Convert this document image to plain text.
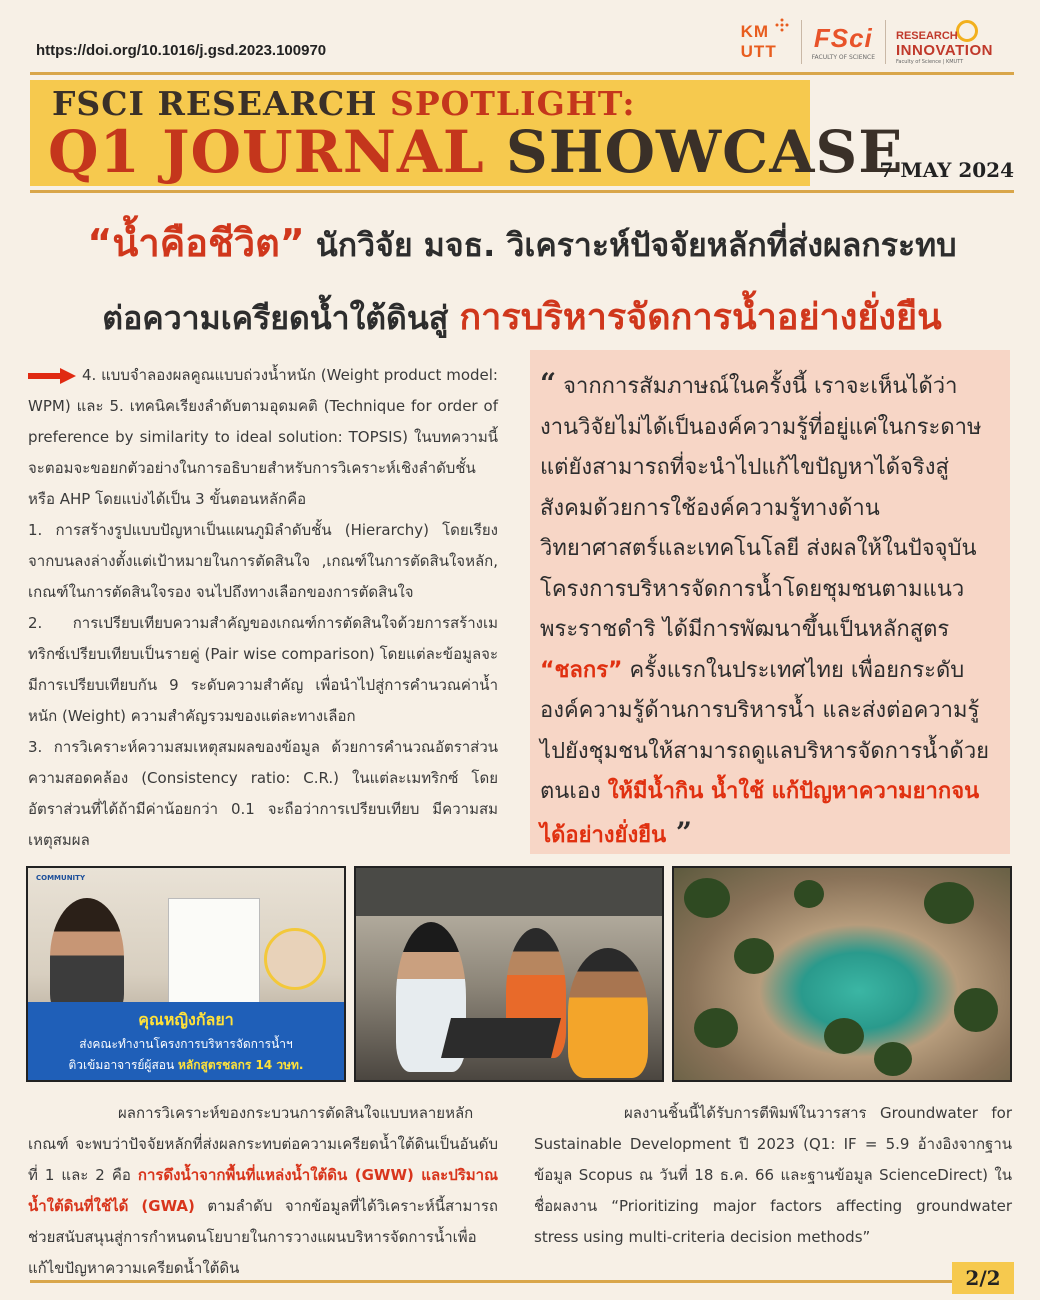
https://doi.org/10.1016/j.gsd.2023.100970
KM
UTT FSci
FACULTY OF SCIENCE
RESEARCH
INNOVATION
Faculty of Science | KMUTT
FSCI RESEARCH SPOTLIGHT:
Q1 JOURNAL SHOWCASE
7 MAY 2024
“น้ำคือชีวิต” นักวิจัย มจธ. วิเคราะห์ปัจจัยหลักที่ส่งผลกระทบ
ต่อความเครียดน้ำใต้ดินสู่ การบริหารจัดการน้ำอย่างยั่งยืน

4. แบบจำลองผลคูณแบบถ่วงน้ำหนัก (Weight product model: WPM) และ 5. เทคนิคเรียงลำดับตามอุดมคติ (Technique for order of preference by similarity to ideal solution: TOPSIS) ในบทความนี้จะตอมจะขอยกตัวอย่างในการอธิบายสำหรับการวิเคราะห์เชิงลำดับชั้น หรือ AHP โดยแบ่งได้เป็น 3 ขั้นตอนหลักคือ

1. การสร้างรูปแบบปัญหาเป็นแผนภูมิลำดับชั้น (Hierarchy) โดยเรียงจากบนลงล่างตั้งแต่เป้าหมายในการตัดสินใจ ,เกณฑ์ในการตัดสินใจหลัก, เกณฑ์ในการตัดสินใจรอง จนไปถึงทางเลือกของการตัดสินใจ

2. การเปรียบเทียบความสำคัญของเกณฑ์การตัดสินใจด้วยการสร้างเมทริกซ์เปรียบเทียบเป็นรายคู่ (Pair wise comparison) โดยแต่ละข้อมูลจะมีการเปรียบเทียบกัน 9 ระดับความสำคัญ เพื่อนำไปสู่การคำนวณค่าน้ำหนัก (Weight) ความสำคัญรวมของแต่ละทางเลือก

3. การวิเคราะห์ความสมเหตุสมผลของข้อมูล ด้วยการคำนวณอัตราส่วนความสอดคล้อง (Consistency ratio: C.R.) ในแต่ละเมทริกซ์ โดยอัตราส่วนที่ได้ถ้ามีค่าน้อยกว่า 0.1 จะถือว่าการเปรียบเทียบ มีความสมเหตุสมผล

“ จากการสัมภาษณ์ในครั้งนี้ เราจะเห็นได้ว่างานวิจัยไม่ได้เป็นองค์ความรู้ที่อยู่แค่ในกระดาษแต่ยังสามารถที่จะนำไปแก้ไขปัญหาได้จริงสู่สังคมด้วยการใช้องค์ความรู้ทางด้านวิทยาศาสตร์และเทคโนโลยี ส่งผลให้ในปัจจุบันโครงการบริหารจัดการน้ำโดยชุมชนตามแนวพระราชดำริ ได้มีการพัฒนาขึ้นเป็นหลักสูตร “ชลกร” ครั้งแรกในประเทศไทย เพื่อยกระดับองค์ความรู้ด้านการบริหารน้ำ และส่งต่อความรู้ไปยังชุมชนให้สามารถดูแลบริหารจัดการน้ำด้วยตนเอง ให้มีน้ำกิน น้ำใช้ แก้ปัญหาความยากจนได้อย่างยั่งยืน ”
COMMUNITY
คุณหญิงกัลยา
ส่งคณะทำงานโครงการบริหารจัดการน้ำฯ
ติวเข้มอาจารย์ผู้สอน หลักสูตรชลกร 14 วษท.
ผลการวิเคราะห์ของกระบวนการตัดสินใจแบบหลายหลักเกณฑ์ จะพบว่าปัจจัยหลักที่ส่งผลกระทบต่อความเครียดน้ำใต้ดินเป็นอันดับที่ 1 และ 2 คือ การดึงน้ำจากพื้นที่แหล่งน้ำใต้ดิน (GWW) และปริมาณน้ำใต้ดินที่ใช้ได้ (GWA) ตามลำดับ จากข้อมูลที่ได้วิเคราะห์นี้สามารถช่วยสนับสนุนสู่การกำหนดนโยบายในการวางแผนบริหารจัดการน้ำเพื่อแก้ไขปัญหาความเครียดน้ำใต้ดิน
ผลงานชิ้นนี้ได้รับการตีพิมพ์ในวารสาร Groundwater for Sustainable Development ปี 2023 (Q1: IF = 5.9 อ้างอิงจากฐานข้อมูล Scopus ณ วันที่ 18 ธ.ค. 66 และฐานข้อมูล ScienceDirect) ในชื่อผลงาน “Prioritizing major factors affecting groundwater stress using multi-criteria decision methods”
2/2
